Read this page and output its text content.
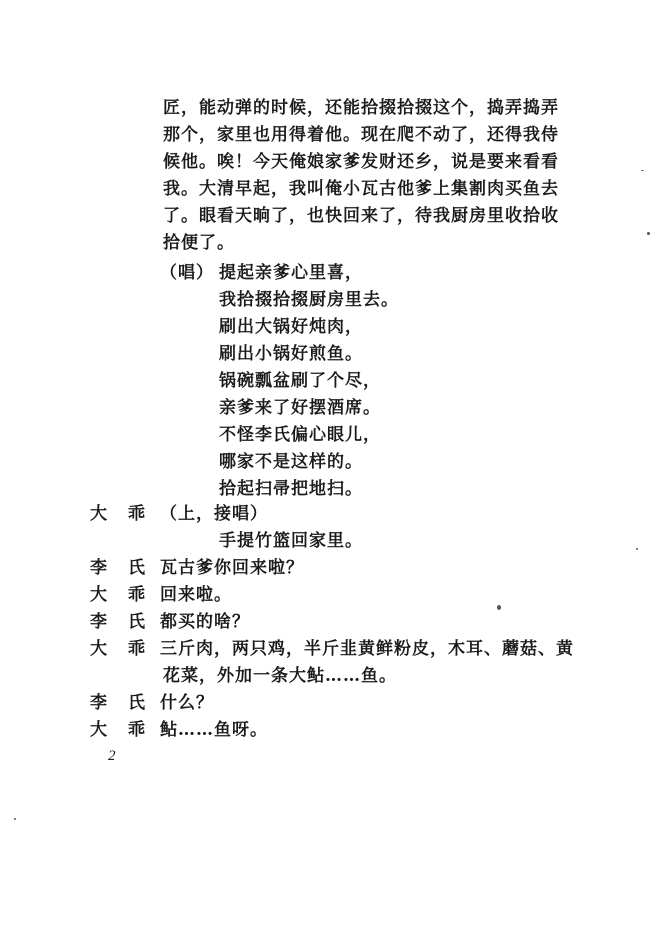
匠，能动弹的时候，还能拾掇拾掇这个，捣弄捣弄
那个，家里也用得着他。现在爬不动了，还得我侍
候他。唉！今天俺娘家爹发财还乡，说是要来看看
我。大清早起，我叫俺小瓦古他爹上集割肉买鱼去
了。眼看天晌了，也快回来了，待我厨房里收拾收
拾便了。
（唱） 提起亲爹心里喜，
我拾掇拾掇厨房里去。
刷出大锅好炖肉，
刷出小锅好煎鱼。
锅碗瓢盆刷了个尽，
亲爹来了好摆酒席。
不怪李氏偏心眼儿，
哪家不是这样的。
拾起扫帚把地扫。
大 乖 （上，接唱）
手提竹篮回家里。
李 氏 瓦古爹你回来啦？
大 乖 回来啦。
李 氏 都买的啥？
大 乖 三斤肉，两只鸡，半斤韭黄鲜粉皮，木耳、蘑菇、黄
花菜，外加一条大鲇……鱼。
李 氏 什么？
大 乖 鲇……鱼呀。
2
